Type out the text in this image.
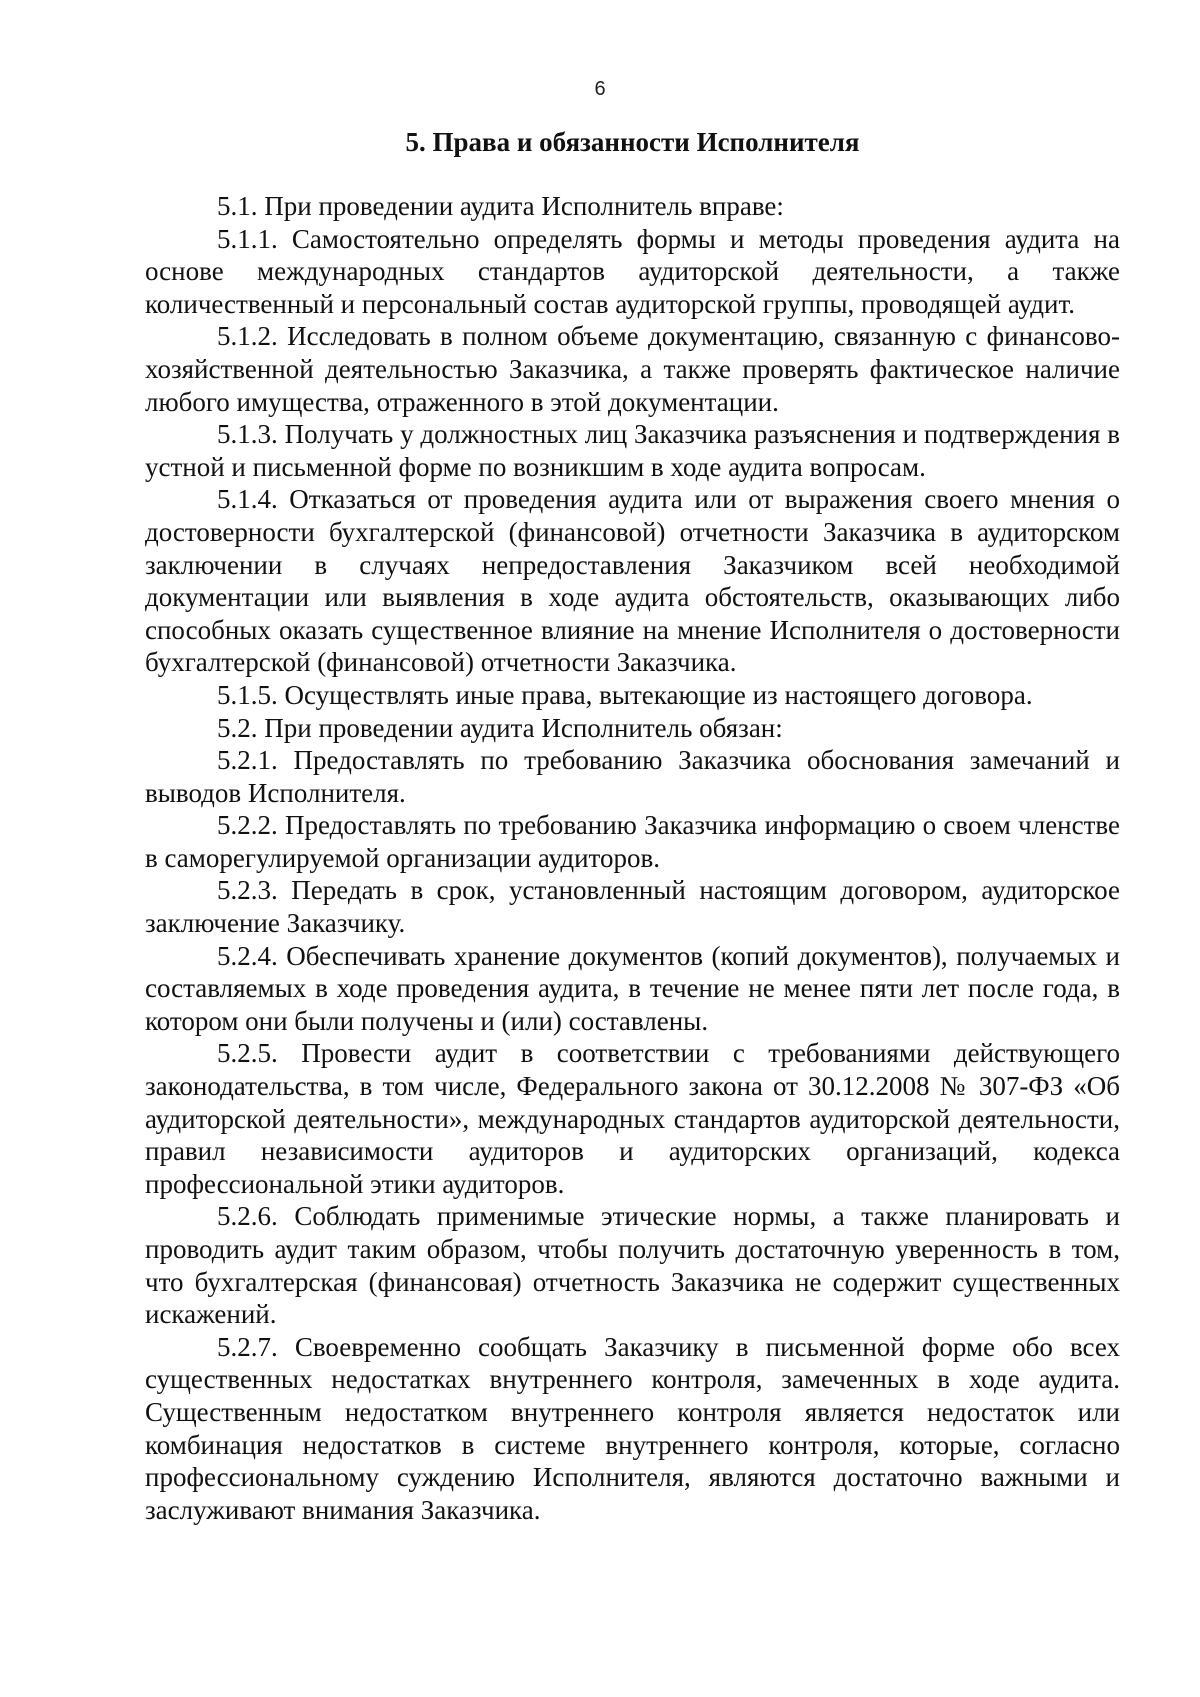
6

5. Права и обязанности Исполнителя

5.1. При проведении аудита Исполнитель вправе:

5.1.1. Самостоятельно определять формы и методы проведения аудита на основе международных стандартов аудиторской деятельности, а также количественный и персональный состав аудиторской группы, проводящей аудит.

5.1.2. Исследовать в полном объеме документацию, связанную с финансово-хозяйственной деятельностью Заказчика, а также проверять фактическое наличие любого имущества, отраженного в этой документации.

5.1.3. Получать у должностных лиц Заказчика разъяснения и подтверждения в устной и письменной форме по возникшим в ходе аудита вопросам.

5.1.4. Отказаться от проведения аудита или от выражения своего мнения о достоверности бухгалтерской (финансовой) отчетности Заказчика в аудиторском заключении в случаях непредоставления Заказчиком всей необходимой документации или выявления в ходе аудита обстоятельств, оказывающих либо способных оказать существенное влияние на мнение Исполнителя о достоверности бухгалтерской (финансовой) отчетности Заказчика.

5.1.5. Осуществлять иные права, вытекающие из настоящего договора.

5.2. При проведении аудита Исполнитель обязан:

5.2.1. Предоставлять по требованию Заказчика обоснования замечаний и выводов Исполнителя.

5.2.2. Предоставлять по требованию Заказчика информацию о своем членстве в саморегулируемой организации аудиторов.

5.2.3. Передать в срок, установленный настоящим договором, аудиторское заключение Заказчику.

5.2.4. Обеспечивать хранение документов (копий документов), получаемых и составляемых в ходе проведения аудита, в течение не менее пяти лет после года, в котором они были получены и (или) составлены.

5.2.5. Провести аудит в соответствии с требованиями действующего законодательства, в том числе, Федерального закона от 30.12.2008 № 307-ФЗ «Об аудиторской деятельности», международных стандартов аудиторской деятельности, правил независимости аудиторов и аудиторских организаций, кодекса профессиональной этики аудиторов.

5.2.6. Соблюдать применимые этические нормы, а также планировать и проводить аудит таким образом, чтобы получить достаточную уверенность в том, что бухгалтерская (финансовая) отчетность Заказчика не содержит существенных искажений.

5.2.7. Своевременно сообщать Заказчику в письменной форме обо всех существенных недостатках внутреннего контроля, замеченных в ходе аудита. Существенным недостатком внутреннего контроля является недостаток или комбинация недостатков в системе внутреннего контроля, которые, согласно профессиональному суждению Исполнителя, являются достаточно важными и заслуживают внимания Заказчика.
